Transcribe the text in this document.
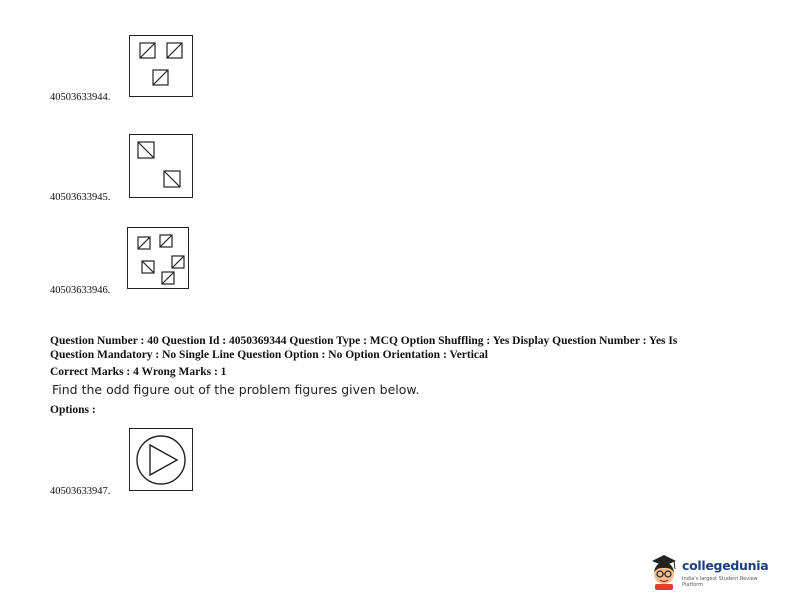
40503633944.
40503633945.
40503633946.
Question Number : 40 Question Id : 4050369344 Question Type : MCQ Option Shuffling : Yes Display Question Number : Yes Is
Question Mandatory : No Single Line Question Option : No Option Orientation : Vertical
Correct Marks : 4 Wrong Marks : 1
Find the odd figure out of the problem figures given below.
Options :
40503633947.
collegedunia
India's largest Student Review Platform
